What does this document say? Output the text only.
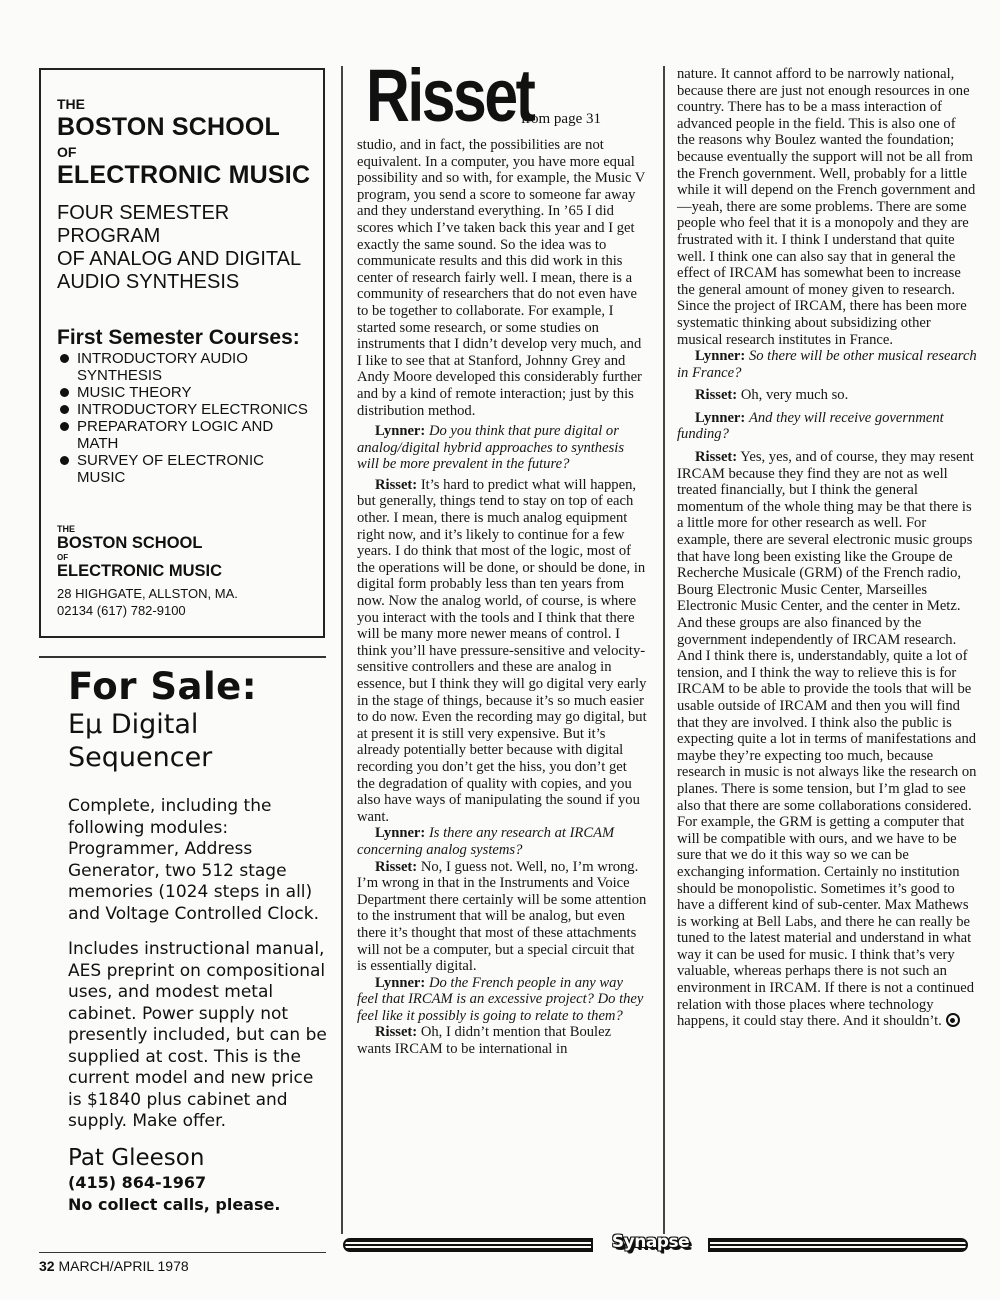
THE
BOSTON SCHOOL
OF
ELECTRONIC MUSIC
FOUR SEMESTER PROGRAM
OF ANALOG AND DIGITAL
AUDIO SYNTHESIS
First Semester Courses:
INTRODUCTORY AUDIO SYNTHESIS
MUSIC THEORY
INTRODUCTORY ELECTRONICS
PREPARATORY LOGIC AND MATH
SURVEY OF ELECTRONIC MUSIC
THE
BOSTON SCHOOL
OF
ELECTRONIC MUSIC
28 HIGHGATE, ALLSTON, MA.
02134 (617) 782-9100
For Sale:
Eμ Digital
Sequencer
Complete, including the following modules: Programmer, Address Generator, two 512 stage memories (1024 steps in all) and Voltage Controlled Clock.
Includes instructional manual, AES preprint on compositional uses, and modest metal cabinet. Power supply not presently included, but can be supplied at cost. This is the current model and new price is $1840 plus cabinet and supply. Make offer.
Pat Gleeson
(415) 864-1967
No collect calls, please.
32 MARCH/APRIL 1978
Risset
from page 31

studio, and in fact, the possibilities are not equivalent. In a computer, you have more equal possibility and so with, for example, the Music V program, you send a score to someone far away and they understand everything. In ’65 I did scores which I’ve taken back this year and I get exactly the same sound. So the idea was to communicate results and this did work in this center of research fairly well. I mean, there is a community of researchers that do not even have to be together to collaborate. For example, I started some research, or some studies on instruments that I didn’t develop very much, and I like to see that at Stanford, Johnny Grey and Andy Moore developed this considerably further and by a kind of remote interaction; just by this distribution method.

Lynner: Do you think that pure digital or analog/digital hybrid approaches to synthesis will be more prevalent in the future?

Risset: It’s hard to predict what will happen, but generally, things tend to stay on top of each other. I mean, there is much analog equipment right now, and it’s likely to continue for a few years. I do think that most of the logic, most of the operations will be done, or should be done, in digital form probably less than ten years from now. Now the analog world, of course, is where you interact with the tools and I think that there will be many more newer means of control. I think you’ll have pressure-sensitive and velocity-sensitive controllers and these are analog in essence, but I think they will go digital very early in the stage of things, because it’s so much easier to do now. Even the recording may go digital, but at present it is still very expensive. But it’s already potentially better because with digital recording you don’t get the hiss, you don’t get the degradation of quality with copies, and you also have ways of manipulating the sound if you want.

Lynner: Is there any research at IRCAM concerning analog systems?

Risset: No, I guess not. Well, no, I’m wrong. I’m wrong in that in the Instruments and Voice Department there certainly will be some attention to the instrument that will be analog, but even there it’s thought that most of these attachments will not be a computer, but a special circuit that is essentially digital.

Lynner: Do the French people in any way feel that IRCAM is an excessive project? Do they feel like it possibly is going to relate to them?

Risset: Oh, I didn’t mention that Boulez wants IRCAM to be international in

nature. It cannot afford to be narrowly national, because there are just not enough resources in one country. There has to be a mass interaction of advanced people in the field. This is also one of the reasons why Boulez wanted the foundation; because eventually the support will not be all from the French government. Well, probably for a little while it will depend on the French government and—yeah, there are some problems. There are some people who feel that it is a monopoly and they are frustrated with it. I think I understand that quite well. I think one can also say that in general the effect of IRCAM has somewhat been to increase the general amount of money given to research. Since the project of IRCAM, there has been more systematic thinking about subsidizing other musical research institutes in France.

Lynner: So there will be other musical research in France?

Risset: Oh, very much so.

Lynner: And they will receive government funding?

Risset: Yes, yes, and of course, they may resent IRCAM because they find they are not as well treated financially, but I think the general momentum of the whole thing may be that there is a little more for other research as well. For example, there are several electronic music groups that have long been existing like the Groupe de Recherche Musicale (GRM) of the French radio, Bourg Electronic Music Center, Marseilles Electronic Music Center, and the center in Metz. And these groups are also financed by the government independently of IRCAM research. And I think there is, understandably, quite a lot of tension, and I think the way to relieve this is for IRCAM to be able to provide the tools that will be usable outside of IRCAM and then you will find that they are involved. I think also the public is expecting quite a lot in terms of manifestations and maybe they’re expecting too much, because research in music is not always like the research on planes. There is some tension, but I’m glad to see also that there are some collaborations considered. For example, the GRM is getting a computer that will be compatible with ours, and we have to be sure that we do it this way so we can be exchanging information. Certainly no institution should be monopolistic. Sometimes it’s good to have a different kind of sub-center. Max Mathews is working at Bell Labs, and there he can really be tuned to the latest material and understand in what way it can be used for music. I think that’s very valuable, whereas perhaps there is not such an environment in IRCAM. If there is not a continued relation with those places where technology happens, it could stay there. And it shouldn’t.

Synapse
